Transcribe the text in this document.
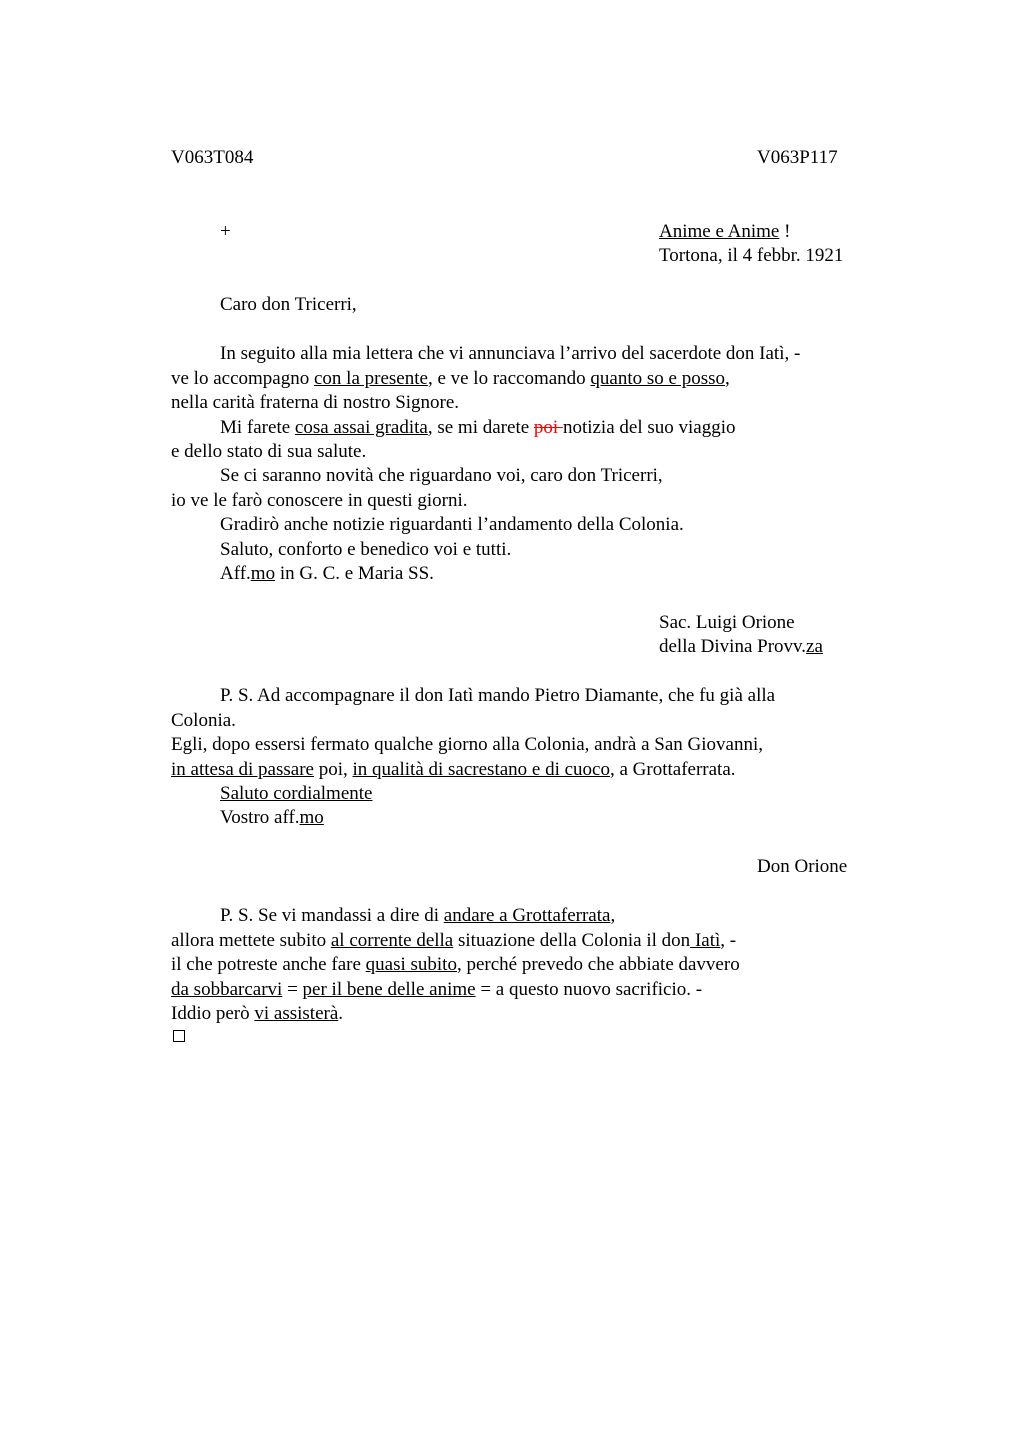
V063T084	V063P117
+	Anime e Anime !
Tortona, il 4 febbr. 1921
Caro don Tricerri,
In seguito alla mia lettera che vi annunciava l’arrivo del sacerdote don Iatì, -
ve lo accompagno con la presente, e ve lo raccomando quanto so e posso,
nella carità fraterna di nostro Signore.
Mi farete cosa assai gradita, se mi darete poi notizia del suo viaggio
e dello stato di sua salute.
Se ci saranno novità che riguardano voi, caro don Tricerri,
io ve le farò conoscere in questi giorni.
Gradirò anche notizie riguardanti l’andamento della Colonia.
Saluto, conforto e benedico voi e tutti.
Aff.mo in G. C. e Maria SS.
Sac. Luigi Orione
della Divina Provv.za
P. S. Ad accompagnare il don Iatì mando Pietro Diamante, che fu già alla
Colonia.
Egli, dopo essersi fermato qualche giorno alla Colonia, andrà a San Giovanni,
in attesa di passare poi, in qualità di sacrestano e di cuoco, a Grottaferrata.
Saluto cordialmente
Vostro aff.mo
Don Orione
P. S. Se vi mandassi a dire di andare a Grottaferrata,
allora mettete subito al corrente della situazione della Colonia il don Iatì, -
il che potreste anche fare quasi subito, perché prevedo che abbiate davvero
da sobbarcarvi = per il bene delle anime = a questo nuovo sacrificio. -
Iddio però vi assisterà.
